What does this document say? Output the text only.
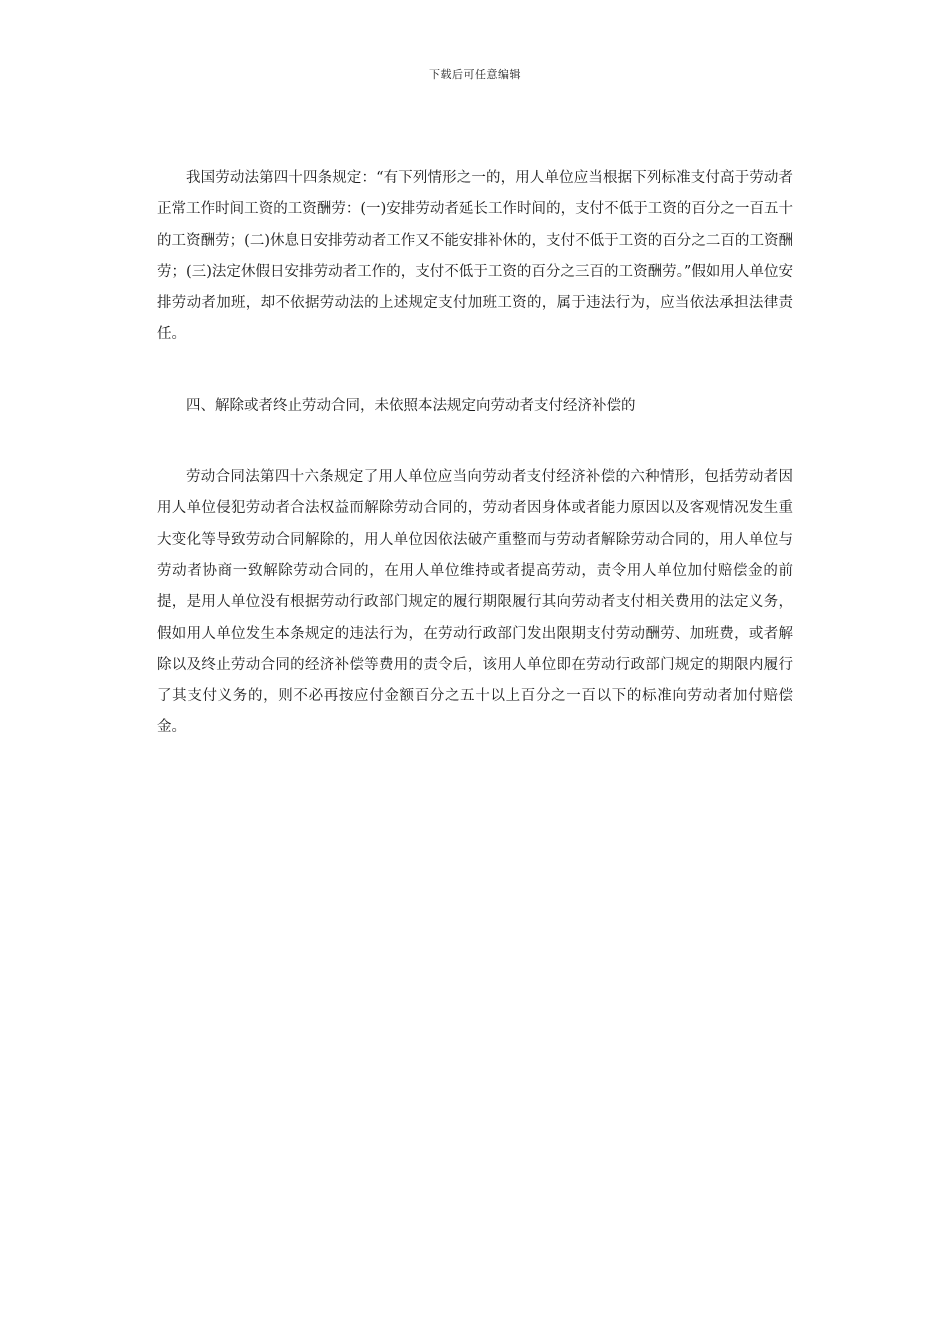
下载后可任意编辑

我国劳动法第四十四条规定：“有下列情形之一的，用人单位应当根据下列标准支付高于劳动者正常工作时间工资的工资酬劳：(一)安排劳动者延长工作时间的，支付不低于工资的百分之一百五十的工资酬劳；(二)休息日安排劳动者工作又不能安排补休的，支付不低于工资的百分之二百的工资酬劳；(三)法定休假日安排劳动者工作的，支付不低于工资的百分之三百的工资酬劳。”假如用人单位安排劳动者加班，却不依据劳动法的上述规定支付加班工资的，属于违法行为，应当依法承担法律责任。

四、解除或者终止劳动合同，未依照本法规定向劳动者支付经济补偿的

劳动合同法第四十六条规定了用人单位应当向劳动者支付经济补偿的六种情形，包括劳动者因用人单位侵犯劳动者合法权益而解除劳动合同的，劳动者因身体或者能力原因以及客观情况发生重大变化等导致劳动合同解除的，用人单位因依法破产重整而与劳动者解除劳动合同的，用人单位与劳动者协商一致解除劳动合同的，在用人单位维持或者提高劳动，责令用人单位加付赔偿金的前提，是用人单位没有根据劳动行政部门规定的履行期限履行其向劳动者支付相关费用的法定义务，假如用人单位发生本条规定的违法行为，在劳动行政部门发出限期支付劳动酬劳、加班费，或者解除以及终止劳动合同的经济补偿等费用的责令后，该用人单位即在劳动行政部门规定的期限内履行了其支付义务的，则不必再按应付金额百分之五十以上百分之一百以下的标准向劳动者加付赔偿金。
